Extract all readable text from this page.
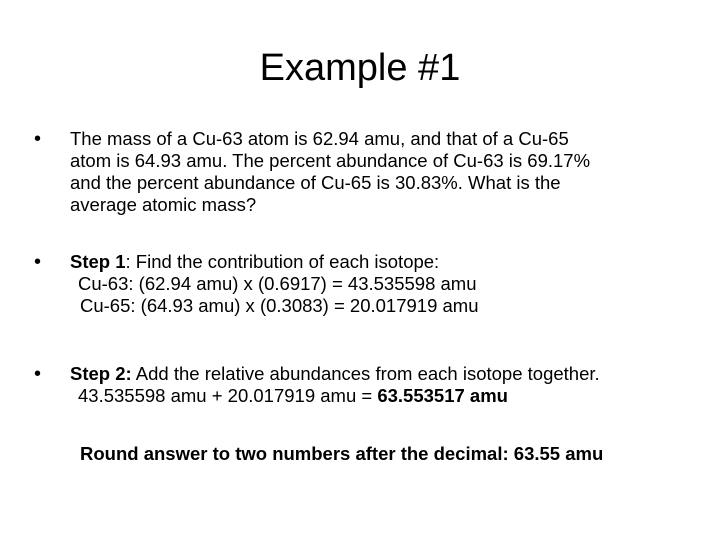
Example #1
• The mass of a Cu-63 atom is 62.94 amu, and that of a Cu-65
atom is 64.93 amu. The percent abundance of Cu-63 is 69.17%
and the percent abundance of Cu-65 is 30.83%. What is the
average atomic mass?
• Step 1: Find the contribution of each isotope:
Cu-63: (62.94 amu) x (0.6917) = 43.535598 amu
Cu-65: (64.93 amu) x (0.3083) = 20.017919 amu
• Step 2: Add the relative abundances from each isotope together.
43.535598 amu + 20.017919 amu = 63.553517 amu
Round answer to two numbers after the decimal: 63.55 amu
